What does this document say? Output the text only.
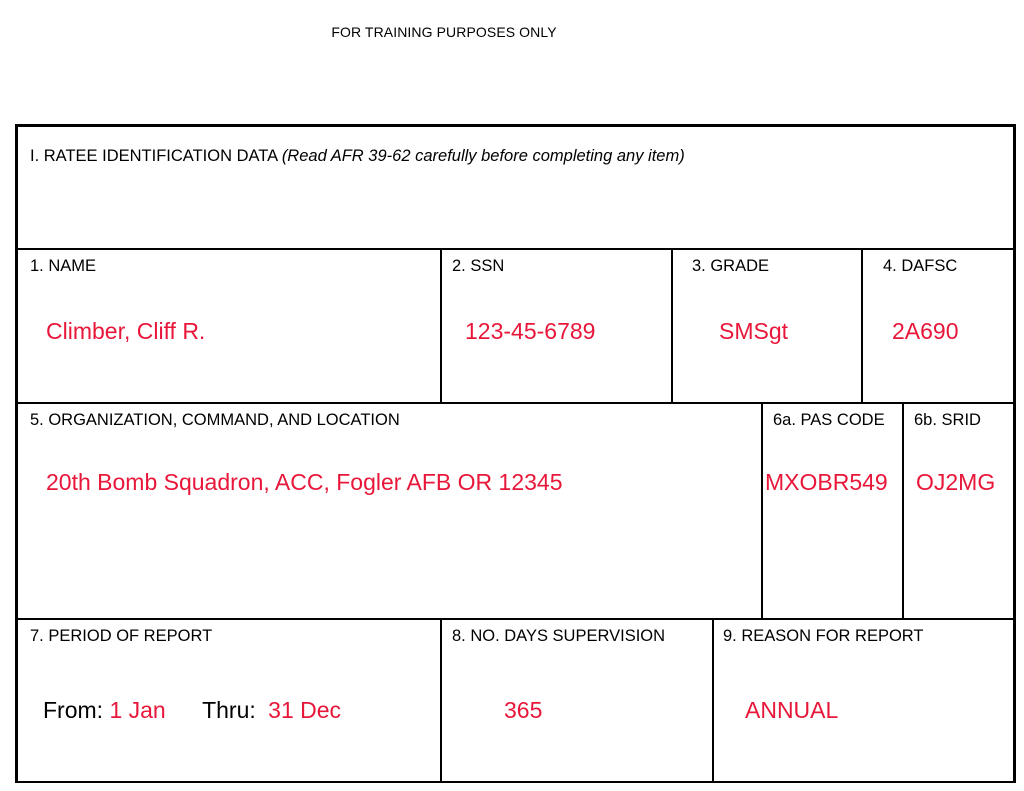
FOR TRAINING PURPOSES ONLY
I. RATEE IDENTIFICATION DATA (Read AFR 39-62 carefully before completing any item)
1. NAME
Climber, Cliff R.
2. SSN
123-45-6789
3. GRADE
SMSgt
4. DAFSC
2A690
5. ORGANIZATION, COMMAND, AND LOCATION
20th Bomb Squadron, ACC, Fogler AFB OR 12345
6a. PAS CODE
MXOBR549
6b. SRID
OJ2MG
7. PERIOD OF REPORT
From: 1 Jan Thru: 31 Dec
8. NO. DAYS SUPERVISION
365
9. REASON FOR REPORT
ANNUAL
